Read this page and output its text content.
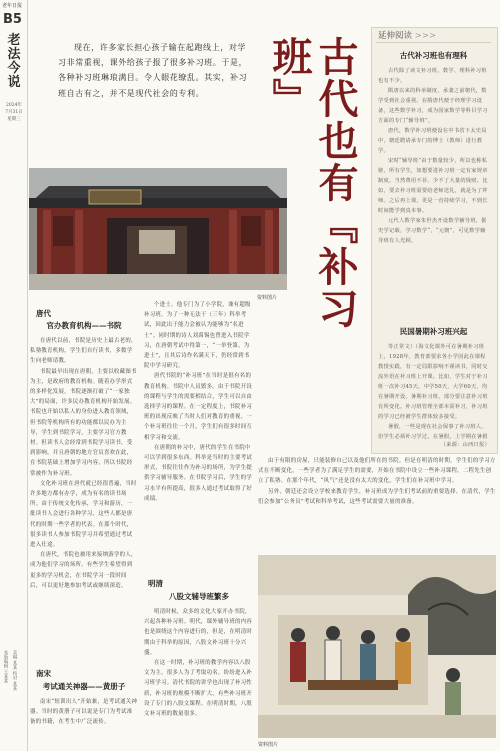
老年日报
B5
老法
今说
2024年
7月31日
星期三
本版编辑 王某某 美编 某某 校对 某某

现在，许多家长担心孩子输在起跑线上，对学习非常重视，课外给孩子报了很多补习班。于是，各种补习班琳琅满目。令人眼花缭乱。其实，补习班自古有之，并不是现代社会的专利。	古代也有『补习班』	延伸阅读 >>>
古代补习班也有理科

古代除了读文补习班，数学、理科补习班也有不少。

隋唐以来的科举制度，承袭之前朝代，数学受到社会重视。在隋唐代便于经理学习设备，这些数学补习，成为国家数学等科目学习方面的专门“辅导班”。

唐代，数学补习班便设在中书省下太史局中，朝廷聘请承专门的博士（教师）进行教学。

宋时“辅导班”由于数量较少，所以也称私塾，所有学生，如想要进补习班一定有家规章制度。当然费用不菲，少不了大量的钱财。比如，要去补习班需要给老师送礼，就是为了拜师。之后再上课，更是一直持续学习，不到长时间能学到真本事。

元代人数学家朱世杰开设数学辅导班，据史学记载，学习数学“，“元朝”，可见数学辅导班有人光顾。

民国暑期补习班兴起

等正常文）（海文化课外可在暑期补习班上，1928年，教育部要求各小学因此在课程教授实践，有一定局限影响不谨读书，同时交流外语在补习班上开课。比如，学生对于补习班一次补习45天，中学50天，大学60天，均在暑期开设。暑期补习班，部分要注意补习班有所变化。补习班管理全部本需补习，补习班的学习已经被学生群体较多接受。

暑假，一些是现在社会保事了补习班人，但学生必须补习学过。在暑假，上学期在暑假

（来源：山西日报）
资料图片
唐代
官办教育机构——书院

在唐代以前，书院是历史上最古老的，私塾教育机构，学生们自行读书，多数学生向老师请教。

书院最早出现在唐朝，主要以收藏图书为主，是政府的教育机构。随着办学形式的多样化发展，书院逐渐打破了“一家独大”的局面，许多民办教育机构开始发展。书院也开始以私人的身份进入教育领域，但书院等机构所有的功能都以民办为主导，学生到书院学习，主要学习官方教材。但读书人会经常到书院学习读书，受到影响，并且唐朝的地方官员喜欢在此，在书院基础上增加学习内容，所以书院经常被作为补习班。

文化补习班在唐代就已经很普遍，当时许多地方都有办学，成为有名的读书场所。由于传统文化传承，学习和游历，一批读书人会进行各种学习，这些人都是唐代的时期一些学者的代表。在那个时代，很多读书人参加书院学习并希望通过考试进入仕途。

在唐代，书院也被用来接纳游学的人，成为他们学习的场所。有些学生希望得到更多的学习机会，在书院学习一段时间后，可以更好地参加考试或继续深造。

南宋
考试通关神器——黄册子

南宋“短训出人”开始兼，是考试通关神器。当时的黄册子可以说是专门为考试准备的书籍，在考生中广泛流传。

个进士。他专门为了小学院，兼有超级补习班。为了一种无法干（三年）科举考试，因此出于能力会被认为能够为“名进士”。同时期的诗人刘禹锡也曾进入书院学习，在唐朝考试中得第一，“一举登第，为进士”，且其后诗作名满天下，仍经常到书院中学习研究。

唐代书院的“补习班”在当时是很有名的教育机构。书院中人员繁多。由于书院开设的课程与学生的需要相结合，学生可以自由选择学习的课程。在一定程度上，书院补习班的出现反映了当时人们对教育的重视。一个补习班往往一个月，学生们有很多时间互相学习和交流。

在唐朝的补习中，唐代的学生在书院中可以学到很多东西。科举是当时的主要考试形式，书院往往作为补习的场所，为学生提供学习辅导服务。在书院学习后，学生的学习水平有所提高，很多人通过考试取得了好成绩。

明清
八股文辅导班繁多

明清时候，众多的文化大家开办书院，兴起各种补习班。明代，课外辅导班的内容也是围绕这个内容进行的，但是，在明清时期由于科举的原因，八股文补习班十分兴盛。

在这一时期，补习班的教学内容以八股文为主。很多人为了考取功名，纷纷进入补习班学习。清代书院的讲学也出现了补习性质，补习班的规模不断扩大，有些补习班开设了专门的八股文课程。在明清时期，八股文补习班的数量很多。

由于有限的房屋，只能装修自己以及他们所在的书院。但是在明清的时期，学生们的学习方式在不断变化，一些学者为了满足学生的需要，开始在书院中设立一些补习课程。二程先生创立了私塾。在那个年代，“风气”还是没有太大的变化，学生们在补习班中学习。

另外，朝廷还会设立学校来教育学生，补习班成为学生们考试前的重要选择。在清代，学生们会参加“公务员”考试和科举考试，这些考试需要大量的准备。

资料图片
